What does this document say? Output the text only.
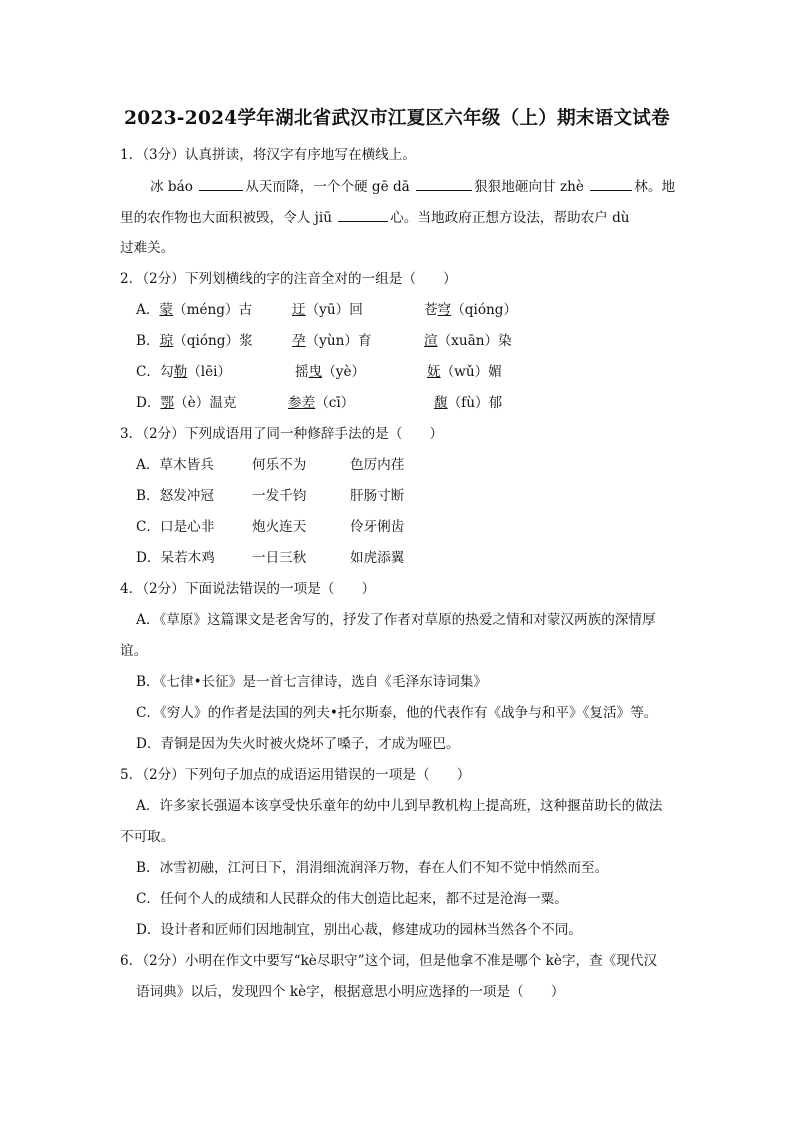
2023-2024学年湖北省武汉市江夏区六年级（上）期末语文试卷
1．（3分）认真拼读，将汉字有序地写在横线上。
冰 báo	从天而降，一个个硬 gē dā	狠狠地砸向甘 zhè	林。地
里的农作物也大面积被毁，令人 jiū	心。当地政府正想方设法，帮助农户 dù
过难关。
2．（2分）下列划横线的字的注音全对的一组是（　　）
A．蒙（méng）古	迂（yū）回	苍穹（qióng）
B．琼（qióng）浆	孕（yùn）育	渲（xuān）染
C．勾勒（lēi）	摇曳（yè）	妩（wǔ）媚
D．鄂（è）温克	参差（cī）	馥（fù）郁
3．（2分）下列成语用了同一种修辞手法的是（　　）
A．草木皆兵	何乐不为	色厉内荏
B．怒发冲冠	一发千钧	肝肠寸断
C．口是心非	炮火连天	伶牙俐齿
D．呆若木鸡	一日三秋	如虎添翼
4．（2分）下面说法错误的一项是（　　）
A．《草原》这篇课文是老舍写的，抒发了作者对草原的热爱之情和对蒙汉两族的深情厚
谊。
B．《七律•长征》是一首七言律诗，选自《毛泽东诗词集》
C．《穷人》的作者是法国的列夫•托尔斯泰，他的代表作有《战争与和平》《复活》等。
D．青铜是因为失火时被火烧坏了嗓子，才成为哑巴。
5．（2分）下列句子加点的成语运用错误的一项是（　　）
A．许多家长强逼本该享受快乐童年的幼中儿到早教机构上提高班，这种揠苗助长的做法
不可取。
B．冰雪初融，江河日下，涓涓细流润泽万物，春在人们不知不觉中悄然而至。
C．任何个人的成绩和人民群众的伟大创造比起来，都不过是沧海一粟。
D．设计者和匠师们因地制宜，别出心裁，修建成功的园林当然各个不同。
6．（2分）小明在作文中要写“kè尽职守”这个词，但是他拿不准是哪个 kè字，查《现代汉
语词典》以后，发现四个 kè字，根据意思小明应选择的一项是（　　）
